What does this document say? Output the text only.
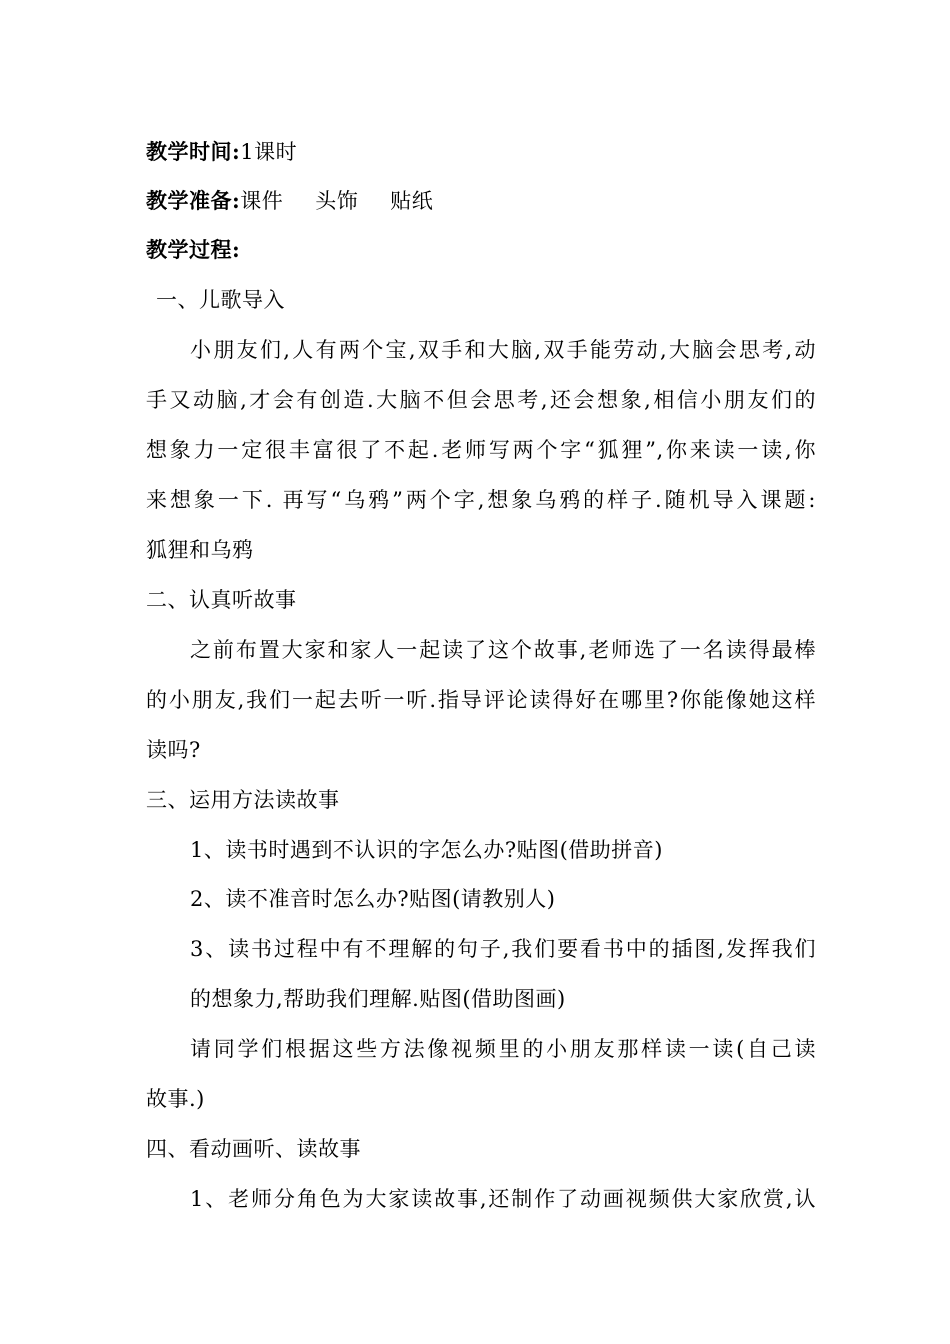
教学时间:1课时
教学准备:课件 头饰 贴纸
教学过程:
一、儿歌导入
小朋友们,人有两个宝,双手和大脑,双手能劳动,大脑会思考,动
手又动脑,才会有创造.大脑不但会思考,还会想象,相信小朋友们的
想象力一定很丰富很了不起.老师写两个字“狐狸”,你来读一读,你
来想象一下. 再写“乌鸦”两个字,想象乌鸦的样子.随机导入课题:
狐狸和乌鸦
二、认真听故事
之前布置大家和家人一起读了这个故事,老师选了一名读得最棒
的小朋友,我们一起去听一听.指导评论读得好在哪里?你能像她这样
读吗?
三、运用方法读故事
1、读书时遇到不认识的字怎么办?贴图(借助拼音)
2、读不准音时怎么办?贴图(请教别人)
3、读书过程中有不理解的句子,我们要看书中的插图,发挥我们
的想象力,帮助我们理解.贴图(借助图画)
请同学们根据这些方法像视频里的小朋友那样读一读(自己读
故事.)
四、看动画听、读故事
1、老师分角色为大家读故事,还制作了动画视频供大家欣赏,认
